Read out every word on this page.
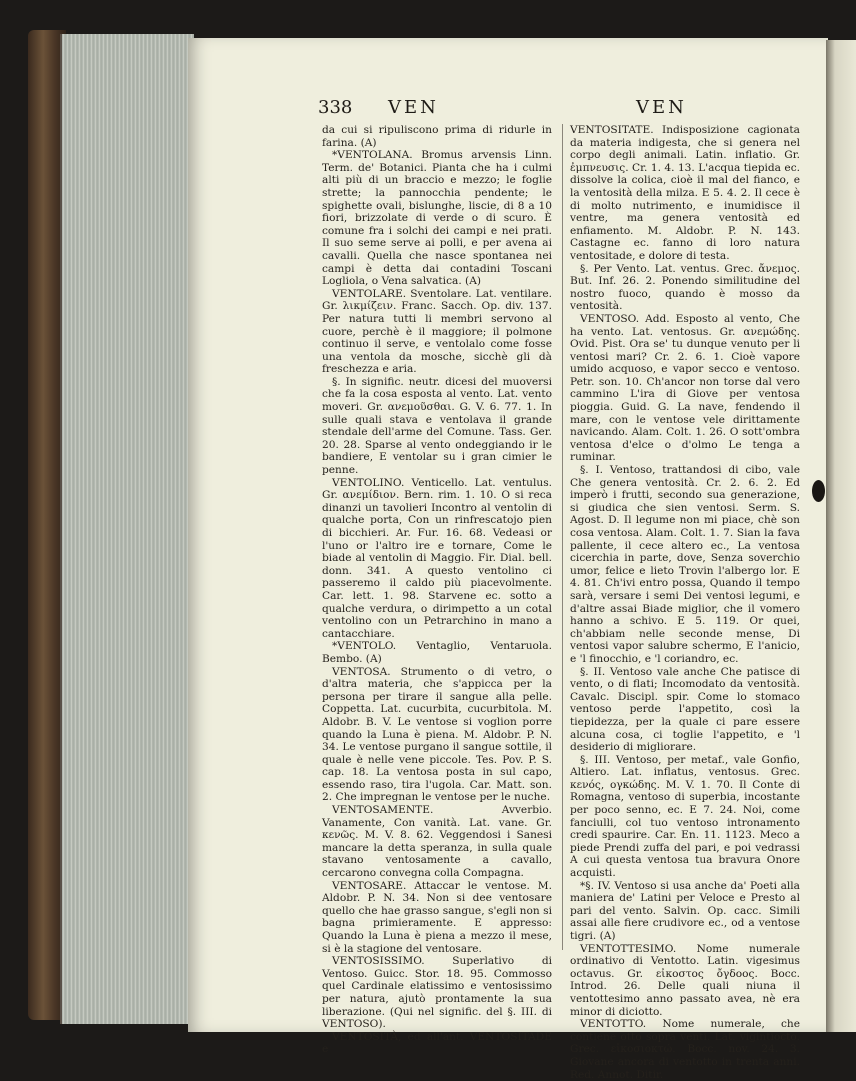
338 VEN	VEN

da cui si ripuliscono prima di ridurle in farina. (A)

*VENTOLANA. Bromus arvensis Linn. Term. de' Botanici. Pianta che ha i culmi alti più di un braccio e mezzo; le foglie strette; la pannocchia pendente; le spighette ovali, bislunghe, liscie, di 8 a 10 fiori, brizzolate di verde o di scuro. È comune fra i solchi dei campi e nei prati. Il suo seme serve ai polli, e per avena ai cavalli. Quella che nasce spontanea nei campi è detta dai contadini Toscani Logliola, o Vena salvatica. (A)

VENTOLARE. Sventolare. Lat. ventilare. Gr. λικμίζειν. Franc. Sacch. Op. div. 137. Per natura tutti li membri servono al cuore, perchè è il maggiore; il polmone continuo il serve, e ventolalo come fosse una ventola da mosche, sicchè gli dà freschezza e aria.

§. In signific. neutr. dicesi del muoversi che fa la cosa esposta al vento. Lat. vento moveri. Gr. ανεμοῦσθαι. G. V. 6. 77. 1. In sulle quali stava e ventolava il grande stendale dell'arme del Comune. Tass. Ger. 20. 28. Sparse al vento ondeggiando ir le bandiere, E ventolar su i gran cimier le penne.

VENTOLINO. Venticello. Lat. ventulus. Gr. ανεμίδιον. Bern. rim. 1. 10. O si reca dinanzi un tavolieri Incontro al ventolin di qualche porta, Con un rinfrescatojo pien di bicchieri. Ar. Fur. 16. 68. Vedeasi or l'uno or l'altro ire e tornare, Come le biade al ventolin di Maggio. Fir. Dial. bell. donn. 341. A questo ventolino ci passeremo il caldo più piacevolmente. Car. lett. 1. 98. Starvene ec. sotto a qualche verdura, o dirimpetto a un cotal ventolino con un Petrarchino in mano a cantacchiare.

*VENTOLO. Ventaglio, Ventaruola. Bembo. (A)

VENTOSA. Strumento o di vetro, o d'altra materia, che s'appicca per la persona per tirare il sangue alla pelle. Coppetta. Lat. cucurbita, cucurbitola. M. Aldobr. B. V. Le ventose si voglion porre quando la Luna è piena. M. Aldobr. P. N. 34. Le ventose purgano il sangue sottile, il quale è nelle vene piccole. Tes. Pov. P. S. cap. 18. La ventosa posta in sul capo, essendo raso, tira l'ugola. Car. Matt. son. 2. Che impregnan le ventose per le nuche.

VENTOSAMENTE. Avverbio. Vanamente, Con vanità. Lat. vane. Gr. κενῶς. M. V. 8. 62. Veggendosi i Sanesi mancare la detta speranza, in sulla quale stavano ventosamente a cavallo, cercarono convegna colla Compagna.

VENTOSARE. Attaccar le ventose. M. Aldobr. P. N. 34. Non si dee ventosare quello che hae grasso sangue, s'egli non si bagna primieramente. E appresso: Quando la Luna è piena a mezzo il mese, si è la stagione del ventosare.

VENTOSISSIMO. Superlativo di Ventoso. Guicc. Stor. 18. 95. Commosso quel Cardinale elatissimo e ventosissimo per natura, ajutò prontamente la sua liberazione. (Qui nel signific. del §. III. di VENTOSO).

VENTOSITÀ, ed all'ant. VENTOSITADE e

VENTOSITATE. Indisposizione cagionata da materia indigesta, che si genera nel corpo degli animali. Latin. inflatio. Gr. ἐμπνευσις. Cr. 1. 4. 13. L'acqua tiepida ec. dissolve la colica, cioè il mal del fianco, e la ventosità della milza. E 5. 4. 2. Il cece è di molto nutrimento, e inumidisce il ventre, ma genera ventosità ed enfiamento. M. Aldobr. P. N. 143. Castagne ec. fanno di loro natura ventositade, e dolore di testa.

§. Per Vento. Lat. ventus. Grec. ἄνεμος. But. Inf. 26. 2. Ponendo similitudine del nostro fuoco, quando è mosso da ventosità.

VENTOSO. Add. Esposto al vento, Che ha vento. Lat. ventosus. Gr. ανεμώδης. Ovid. Pist. Ora se' tu dunque venuto per li ventosi mari? Cr. 2. 6. 1. Cioè vapore umido acquoso, e vapor secco e ventoso. Petr. son. 10. Ch'ancor non torse dal vero cammino L'ira di Giove per ventosa pioggia. Guid. G. La nave, fendendo il mare, con le ventose vele dirittamente navicando. Alam. Colt. 1. 26. O sott'ombra ventosa d'elce o d'olmo Le tenga a ruminar.

§. I. Ventoso, trattandosi di cibo, vale Che genera ventosità. Cr. 2. 6. 2. Ed imperò i frutti, secondo sua generazione, si giudica che sien ventosi. Serm. S. Agost. D. Il legume non mi piace, chè son cosa ventosa. Alam. Colt. 1. 7. Sian la fava pallente, il cece altero ec., La ventosa cicerchia in parte, dove, Senza soverchio umor, felice e lieto Trovin l'albergo lor. E 4. 81. Ch'ivi entro possa, Quando il tempo sarà, versare i semi Dei ventosi legumi, e d'altre assai Biade miglior, che il vomero hanno a schivo. E 5. 119. Or quei, ch'abbiam nelle seconde mense, Di ventosi vapor salubre schermo, E l'anicio, e 'l finocchio, e 'l coriandro, ec.

§. II. Ventoso vale anche Che patisce di vento, o di flati; Incomodato da ventosità. Cavalc. Discipl. spir. Come lo stomaco ventoso perde l'appetito, così la tiepidezza, per la quale ci pare essere alcuna cosa, ci toglie l'appetito, e 'l desiderio di migliorare.

§. III. Ventoso, per metaf., vale Gonfio, Altiero. Lat. inflatus, ventosus. Grec. κενός, ογκώδης. M. V. 1. 70. Il Conte di Romagna, ventoso di superbia, incostante per poco senno, ec. E 7. 24. Noi, come fanciulli, col tuo ventoso intronamento credi spaurire. Car. En. 11. 1123. Meco a piede Prendi zuffa del pari, e poi vedrassi A cui questa ventosa tua bravura Onore acquisti.

*§. IV. Ventoso si usa anche da' Poeti alla maniera de' Latini per Veloce e Presto al pari del vento. Salvin. Op. cacc. Simili assai alle fiere crudivore ec., od a ventose tigri. (A)

VENTOTTESIMO. Nome numerale ordinativo di Ventotto. Latin. vigesimus octavus. Gr. εἰκοστος ὄγδοος. Bocc. Introd. 26. Delle quali niuna il ventottesimo anno passato avea, nè era minor di diciotto.

VENTOTTO. Nome numerale, che contiene otto sopra venti. Lat. vigintiocto. Grec. εἰκοσιοκτώ. Bocc. nov. 24. 3. Giovane ancora di ventotto in trenta anni. Red. Annot. Ditir.
